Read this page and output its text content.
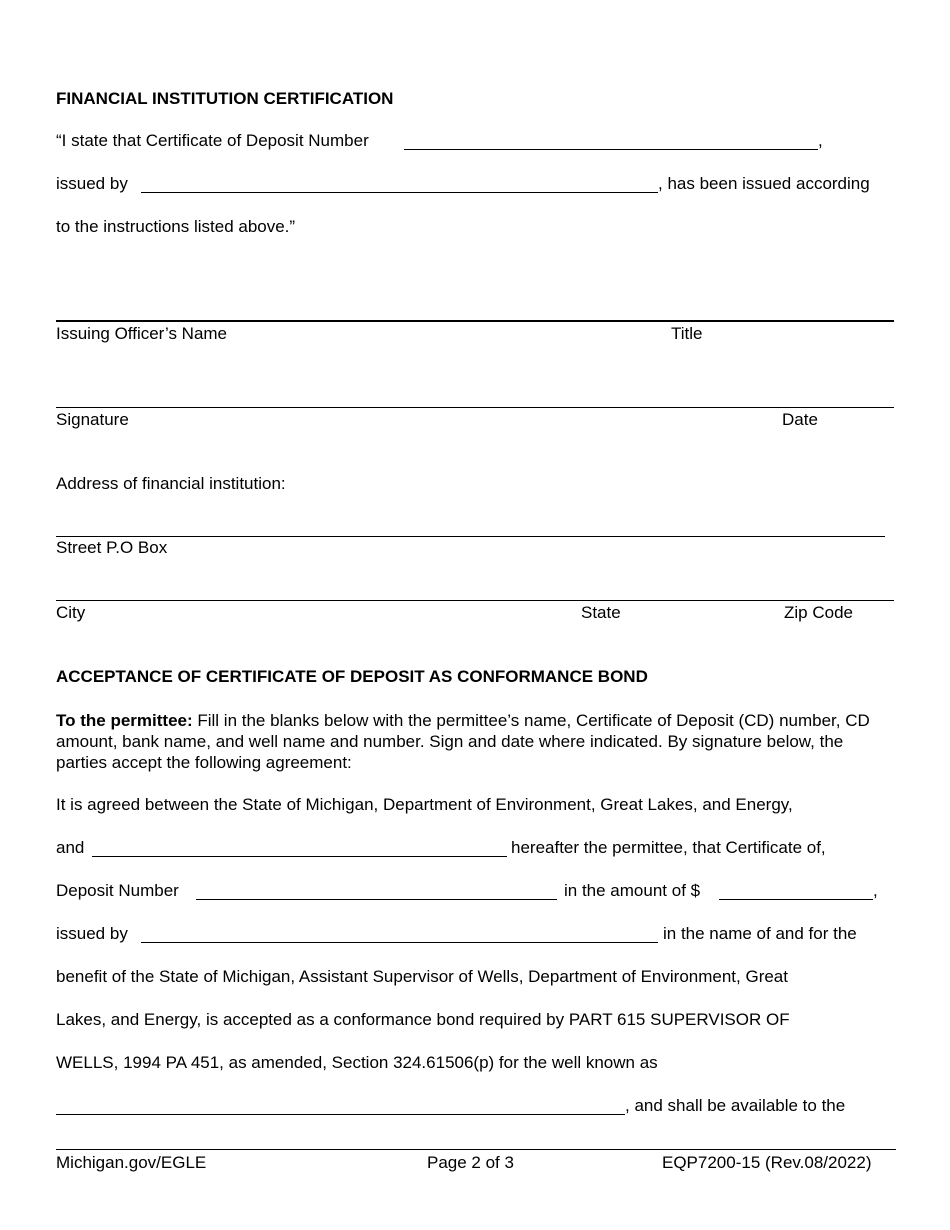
FINANCIAL INSTITUTION CERTIFICATION
“I state that Certificate of Deposit Number	,
issued by	, has been issued according
to the instructions listed above.”
Issuing Officer’s Name	Title
Signature	Date
Address of financial institution:
Street P.O Box
City	State	Zip Code
ACCEPTANCE OF CERTIFICATE OF DEPOSIT AS CONFORMANCE BOND
To the permittee: Fill in the blanks below with the permittee’s name, Certificate of Deposit (CD) number, CD amount, bank name, and well name and number. Sign and date where indicated. By signature below, the parties accept the following agreement:
It is agreed between the State of Michigan, Department of Environment, Great Lakes, and Energy,
and	hereafter the permittee, that Certificate of,
Deposit Number	in the amount of $	,
issued by	in the name of and for the
benefit of the State of Michigan, Assistant Supervisor of Wells, Department of Environment, Great
Lakes, and Energy, is accepted as a conformance bond required by PART 615 SUPERVISOR OF
WELLS, 1994 PA 451, as amended, Section 324.61506(p) for the well known as
, and shall be available to the
Michigan.gov/EGLE	Page 2 of 3	EQP7200-15 (Rev.08/2022)
